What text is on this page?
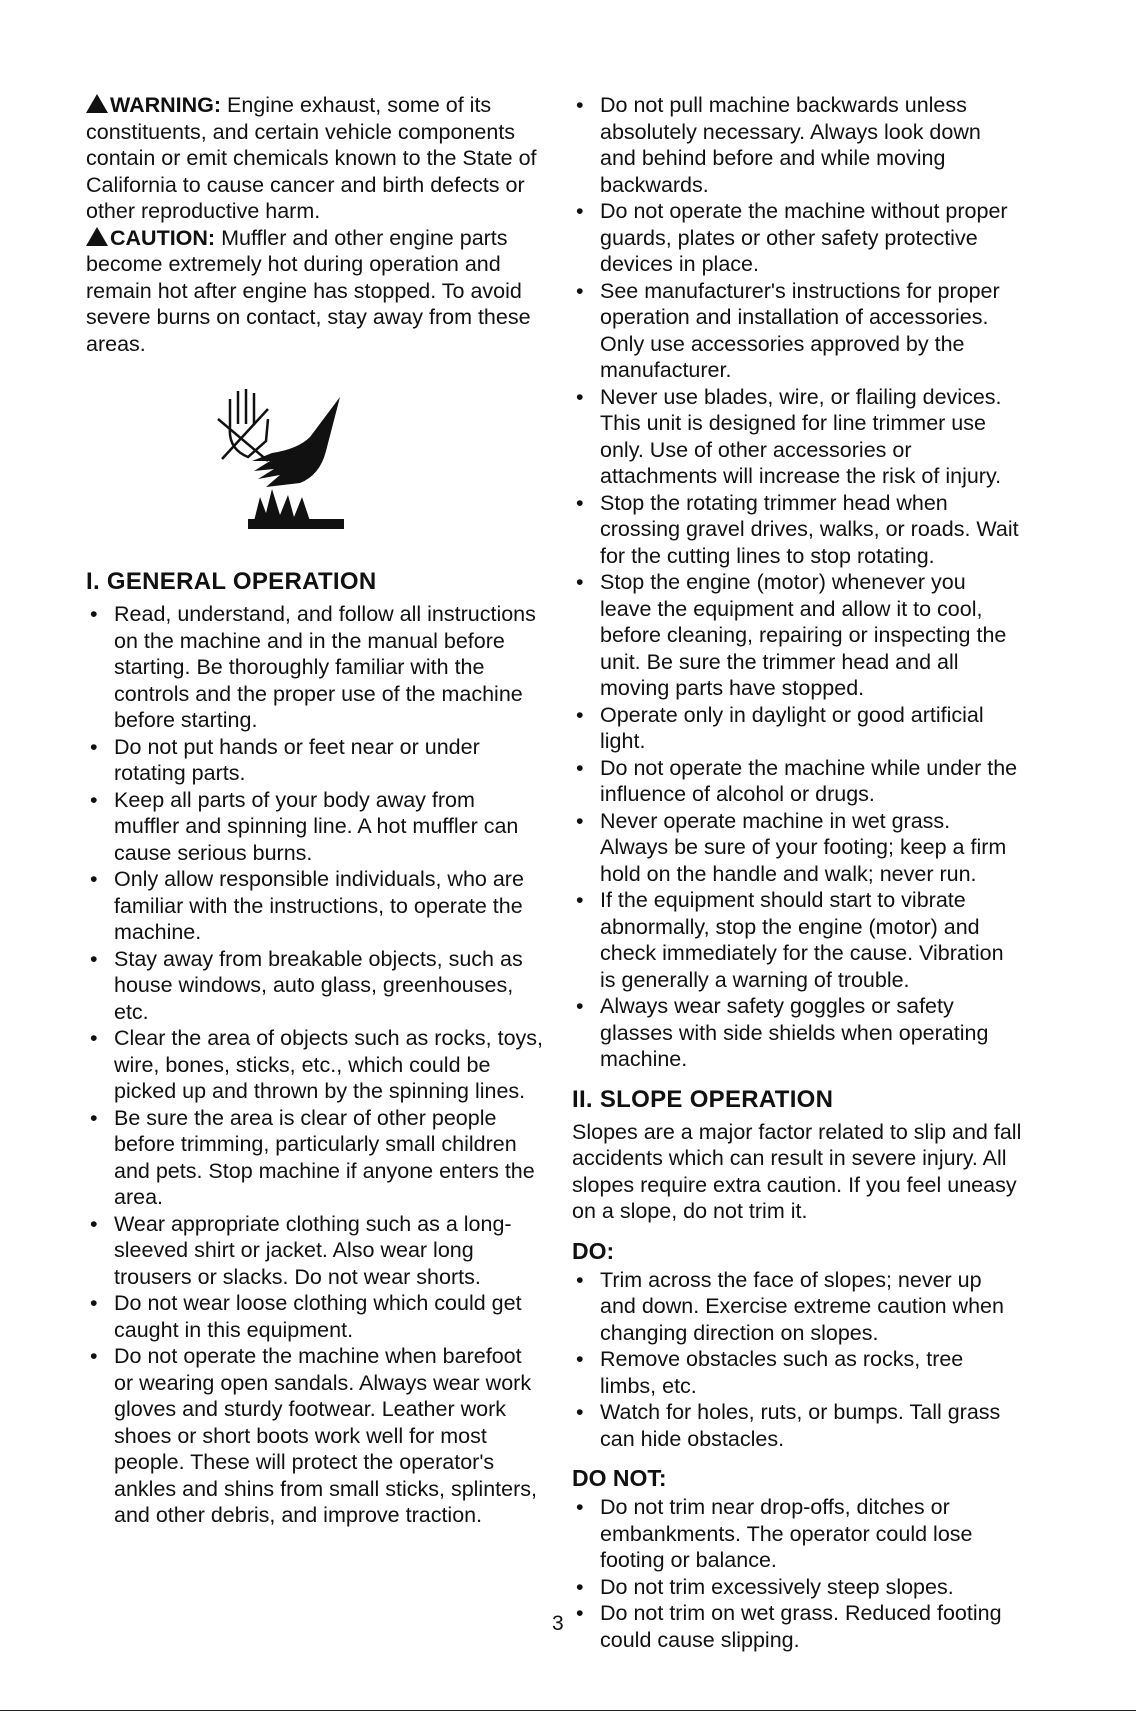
WARNING: Engine exhaust, some of its constituents, and certain vehicle components contain or emit chemicals known to the State of California to cause cancer and birth defects or other reproductive harm.

CAUTION: Muffler and other engine parts become extremely hot during operation and remain hot after engine has stopped. To avoid severe burns on contact, stay away from these areas.

I. GENERAL OPERATION
• Read, understand, and follow all instructions on the machine and in the manual before starting. Be thoroughly familiar with the controls and the proper use of the machine before starting.
• Do not put hands or feet near or under rotating parts.
• Keep all parts of your body away from muffler and spinning line. A hot muffler can cause serious burns.
• Only allow responsible individuals, who are familiar with the instructions, to operate the machine.
• Stay away from breakable objects, such as house windows, auto glass, greenhouses, etc.
• Clear the area of objects such as rocks, toys, wire, bones, sticks, etc., which could be picked up and thrown by the spinning lines.
• Be sure the area is clear of other people before trimming, particularly small children and pets. Stop machine if anyone enters the area.
• Wear appropriate clothing such as a long-sleeved shirt or jacket. Also wear long trousers or slacks. Do not wear shorts.
• Do not wear loose clothing which could get caught in this equipment.
• Do not operate the machine when barefoot or wearing open sandals. Always wear work gloves and sturdy footwear. Leather work shoes or short boots work well for most people. These will protect the operator's ankles and shins from small sticks, splinters, and other debris, and improve traction.
• Do not pull machine backwards unless absolutely necessary. Always look down and behind before and while moving backwards.
• Do not operate the machine without proper guards, plates or other safety protective devices in place.
• See manufacturer's instructions for proper operation and installation of accessories. Only use accessories approved by the manufacturer.
• Never use blades, wire, or flailing devices. This unit is designed for line trimmer use only. Use of other accessories or attachments will increase the risk of injury.
• Stop the rotating trimmer head when crossing gravel drives, walks, or roads. Wait for the cutting lines to stop rotating.
• Stop the engine (motor) whenever you leave the equipment and allow it to cool, before cleaning, repairing or inspecting the unit. Be sure the trimmer head and all moving parts have stopped.
• Operate only in daylight or good artificial light.
• Do not operate the machine while under the influence of alcohol or drugs.
• Never operate machine in wet grass. Always be sure of your footing; keep a firm hold on the handle and walk; never run.
• If the equipment should start to vibrate abnormally, stop the engine (motor) and check immediately for the cause. Vibration is generally a warning of trouble.
• Always wear safety goggles or safety glasses with side shields when operating machine.
II. SLOPE OPERATION

Slopes are a major factor related to slip and fall accidents which can result in severe injury. All slopes require extra caution. If you feel uneasy on a slope, do not trim it.

DO:
• Trim across the face of slopes; never up and down. Exercise extreme caution when changing direction on slopes.
• Remove obstacles such as rocks, tree limbs, etc.
• Watch for holes, ruts, or bumps. Tall grass can hide obstacles.
DO NOT:
• Do not trim near drop-offs, ditches or embankments. The operator could lose footing or balance.
• Do not trim excessively steep slopes.
• Do not trim on wet grass. Reduced footing could cause slipping.
3
